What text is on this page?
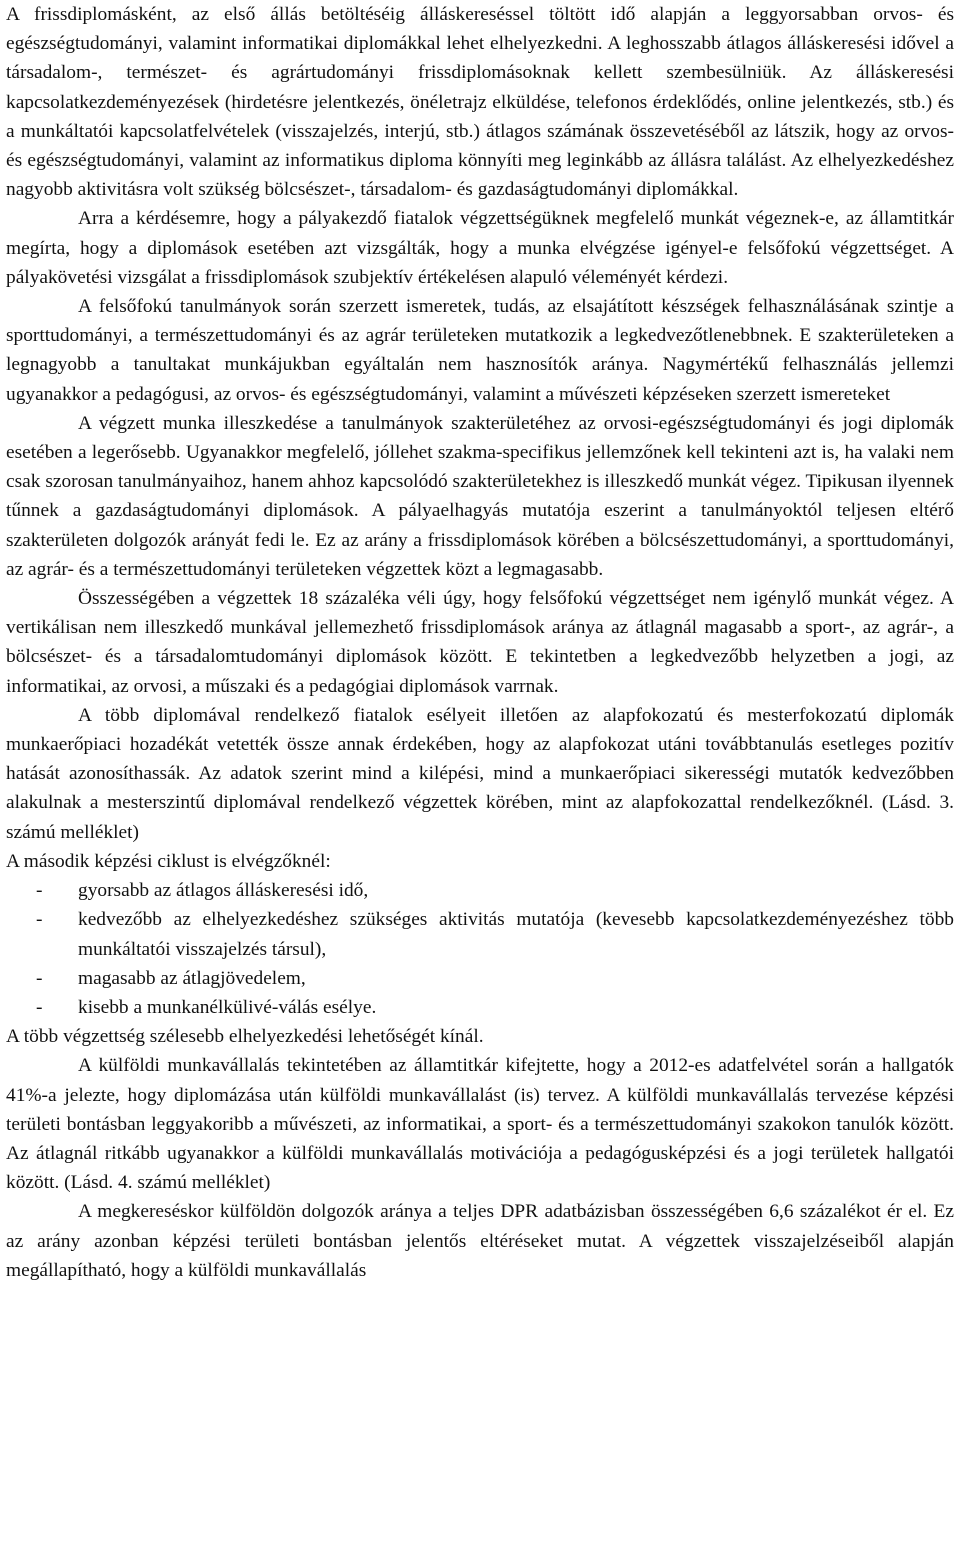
A frissdiplomásként, az első állás betöltéséig álláskereséssel töltött idő alapján a leggyorsabban orvos- és egészségtudományi, valamint informatikai diplomákkal lehet elhelyezkedni. A leghosszabb átlagos álláskeresési idővel a társadalom-, természet- és agrártudományi frissdiplomásoknak kellett szembesülniük. Az álláskeresési kapcsolatkezdeményezések (hirdetésre jelentkezés, önéletrajz elküldése, telefonos érdeklődés, online jelentkezés, stb.) és a munkáltatói kapcsolatfelvételek (visszajelzés, interjú, stb.) átlagos számának összevetéséből az látszik, hogy az orvos- és egészségtudományi, valamint az informatikus diploma könnyíti meg leginkább az állásra találást. Az elhelyezkedéshez nagyobb aktivitásra volt szükség bölcsészet-, társadalom- és gazdaságtudományi diplomákkal.

Arra a kérdésemre, hogy a pályakezdő fiatalok végzettségüknek megfelelő munkát végeznek-e, az államtitkár megírta, hogy a diplomások esetében azt vizsgálták, hogy a munka elvégzése igényel-e felsőfokú végzettséget. A pályakövetési vizsgálat a frissdiplomások szubjektív értékelésen alapuló véleményét kérdezi.

A felsőfokú tanulmányok során szerzett ismeretek, tudás, az elsajátított készségek felhasználásának szintje a sporttudományi, a természettudományi és az agrár területeken mutatkozik a legkedvezőtlenebbnek. E szakterületeken a legnagyobb a tanultakat munkájukban egyáltalán nem hasznosítók aránya. Nagymértékű felhasználás jellemzi ugyanakkor a pedagógusi, az orvos- és egészségtudományi, valamint a művészeti képzéseken szerzett ismereteket

A végzett munka illeszkedése a tanulmányok szakterületéhez az orvosi-egészségtudományi és jogi diplomák esetében a legerősebb. Ugyanakkor megfelelő, jóllehet szakma-specifikus jellemzőnek kell tekinteni azt is, ha valaki nem csak szorosan tanulmányaihoz, hanem ahhoz kapcsolódó szakterületekhez is illeszkedő munkát végez. Tipikusan ilyennek tűnnek a gazdaságtudományi diplomások. A pályaelhagyás mutatója eszerint a tanulmányoktól teljesen eltérő szakterületen dolgozók arányát fedi le. Ez az arány a frissdiplomások körében a bölcsészettudományi, a sporttudományi, az agrár- és a természettudományi területeken végzettek közt a legmagasabb.

Összességében a végzettek 18 százaléka véli úgy, hogy felsőfokú végzettséget nem igénylő munkát végez. A vertikálisan nem illeszkedő munkával jellemezhető frissdiplomások aránya az átlagnál magasabb a sport-, az agrár-, a bölcsészet- és a társadalomtudományi diplomások között. E tekintetben a legkedvezőbb helyzetben a jogi, az informatikai, az orvosi, a műszaki és a pedagógiai diplomások varrnak.

A több diplomával rendelkező fiatalok esélyeit illetően az alapfokozatú és mesterfokozatú diplomák munkaerőpiaci hozadékát vetették össze annak érdekében, hogy az alapfokozat utáni továbbtanulás esetleges pozitív hatását azonosíthassák. Az adatok szerint mind a kilépési, mind a munkaerőpiaci sikerességi mutatók kedvezőbben alakulnak a mesterszintű diplomával rendelkező végzettek körében, mint az alapfokozattal rendelkezőknél. (Lásd. 3. számú melléklet)

A második képzési ciklust is elvégzőknél:

- gyorsabb az átlagos álláskeresési idő,
- kedvezőbb az elhelyezkedéshez szükséges aktivitás mutatója (kevesebb kapcsolatkezdeményezéshez több munkáltatói visszajelzés társul),
- magasabb az átlagjövedelem,
- kisebb a munkanélkülivé-válás esélye.

A több végzettség szélesebb elhelyezkedési lehetőségét kínál.

A külföldi munkavállalás tekintetében az államtitkár kifejtette, hogy a 2012-es adatfelvétel során a hallgatók 41%-a jelezte, hogy diplomázása után külföldi munkavállalást (is) tervez. A külföldi munkavállalás tervezése képzési területi bontásban leggyakoribb a művészeti, az informatikai, a sport- és a természettudományi szakokon tanulók között. Az átlagnál ritkább ugyanakkor a külföldi munkavállalás motivációja a pedagógusképzési és a jogi területek hallgatói között. (Lásd. 4. számú melléklet)

A megkereséskor külföldön dolgozók aránya a teljes DPR adatbázisban összességében 6,6 százalékot ér el. Ez az arány azonban képzési területi bontásban jelentős eltéréseket mutat. A végzettek visszajelzéseiből alapján megállapítható, hogy a külföldi munkavállalás
